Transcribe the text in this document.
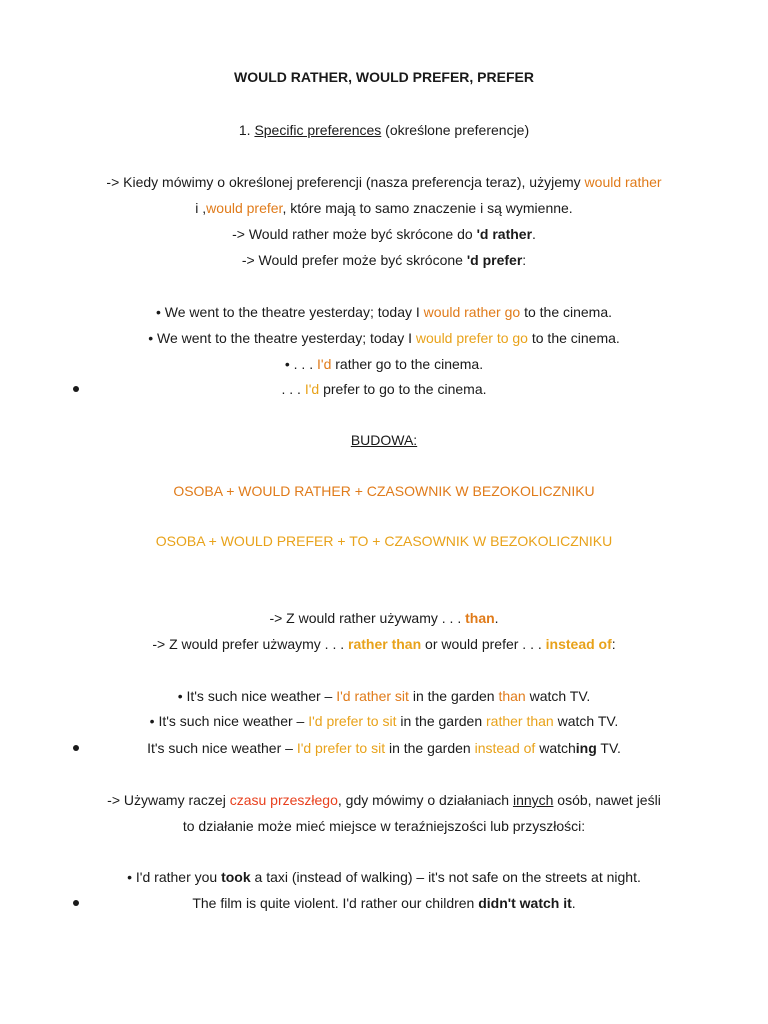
WOULD RATHER, WOULD PREFER, PREFER
1. Specific preferences (określone preferencje)
-> Kiedy mówimy o określonej preferencji (nasza preferencja teraz), użyjemy would rather
i ,would prefer, które mają to samo znaczenie i są wymienne.
-> Would rather może być skrócone do 'd rather.
-> Would prefer może być skrócone 'd prefer:
• We went to the theatre yesterday; today I would rather go to the cinema.
• We went to the theatre yesterday; today I would prefer to go to the cinema.
• . . . I'd rather go to the cinema.
. . . I'd prefer to go to the cinema.
BUDOWA:
OSOBA + WOULD RATHER + CZASOWNIK W BEZOKOLICZNIKU
OSOBA + WOULD PREFER + TO + CZASOWNIK W BEZOKOLICZNIKU
-> Z would rather używamy . . . than.
-> Z would prefer użwaymy . . . rather than or would prefer . . . instead of:
• It's such nice weather – I'd rather sit in the garden than watch TV.
• It's such nice weather – I'd prefer to sit in the garden rather than watch TV.
It's such nice weather – I'd prefer to sit in the garden instead of watching TV.
-> Używamy raczej czasu przeszłego, gdy mówimy o działaniach innych osób, nawet jeśli
to działanie może mieć miejsce w teraźniejszości lub przyszłości:
• I'd rather you took a taxi (instead of walking) – it's not safe on the streets at night.
The film is quite violent. I'd rather our children didn't watch it.
